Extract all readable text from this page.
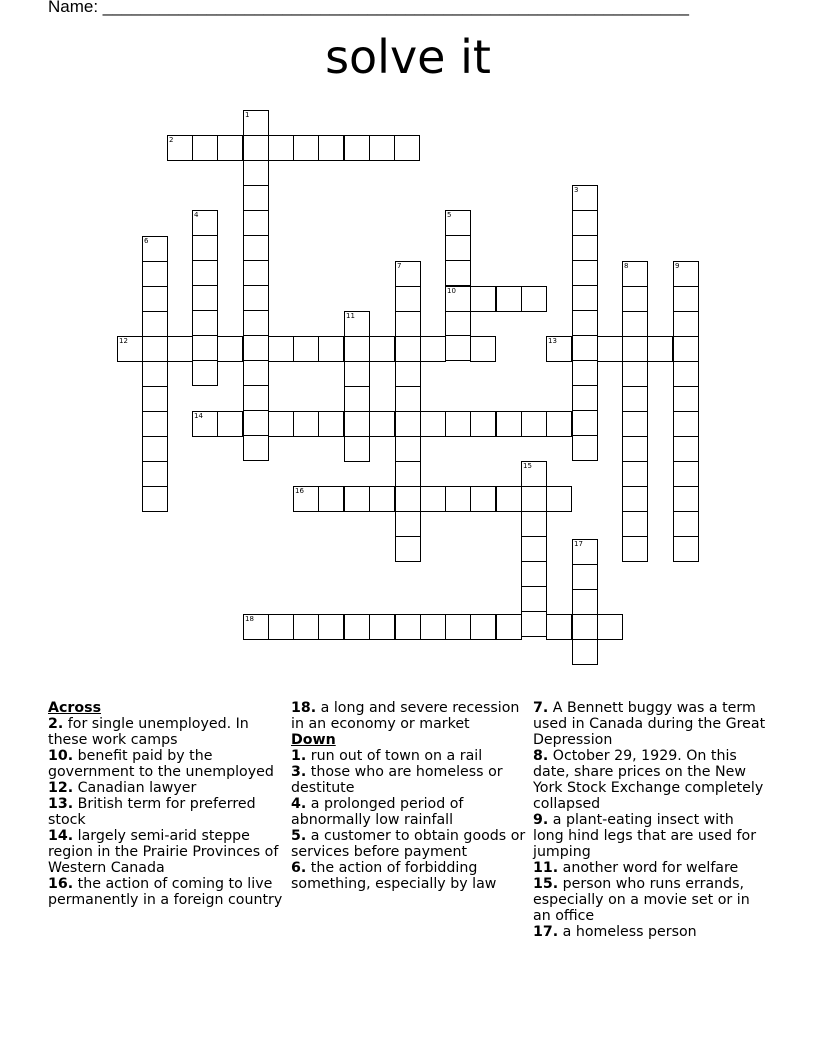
Name: ______________________________________________________________
solve it
1
2
3
4	5
6
7	8	9
10
11
12	13
14
15
16
17
18
Across
2. for single unemployed. In these work camps
10. benefit paid by the government to the unemployed
12. Canadian lawyer
13. British term for preferred stock
14. largely semi-arid steppe region in the Prairie Provinces of Western Canada
16. the action of coming to live permanently in a foreign country
18. a long and severe recession in an economy or market
Down
1. run out of town on a rail
3. those who are homeless or destitute
4. a prolonged period of abnormally low rainfall
5. a customer to obtain goods or services before payment
6. the action of forbidding something, especially by law
7. A Bennett buggy was a term used in Canada during the Great Depression
8. October 29, 1929. On this date, share prices on the New York Stock Exchange completely collapsed
9. a plant-eating insect with long hind legs that are used for jumping
11. another word for welfare
15. person who runs errands, especially on a movie set or in an office
17. a homeless person
